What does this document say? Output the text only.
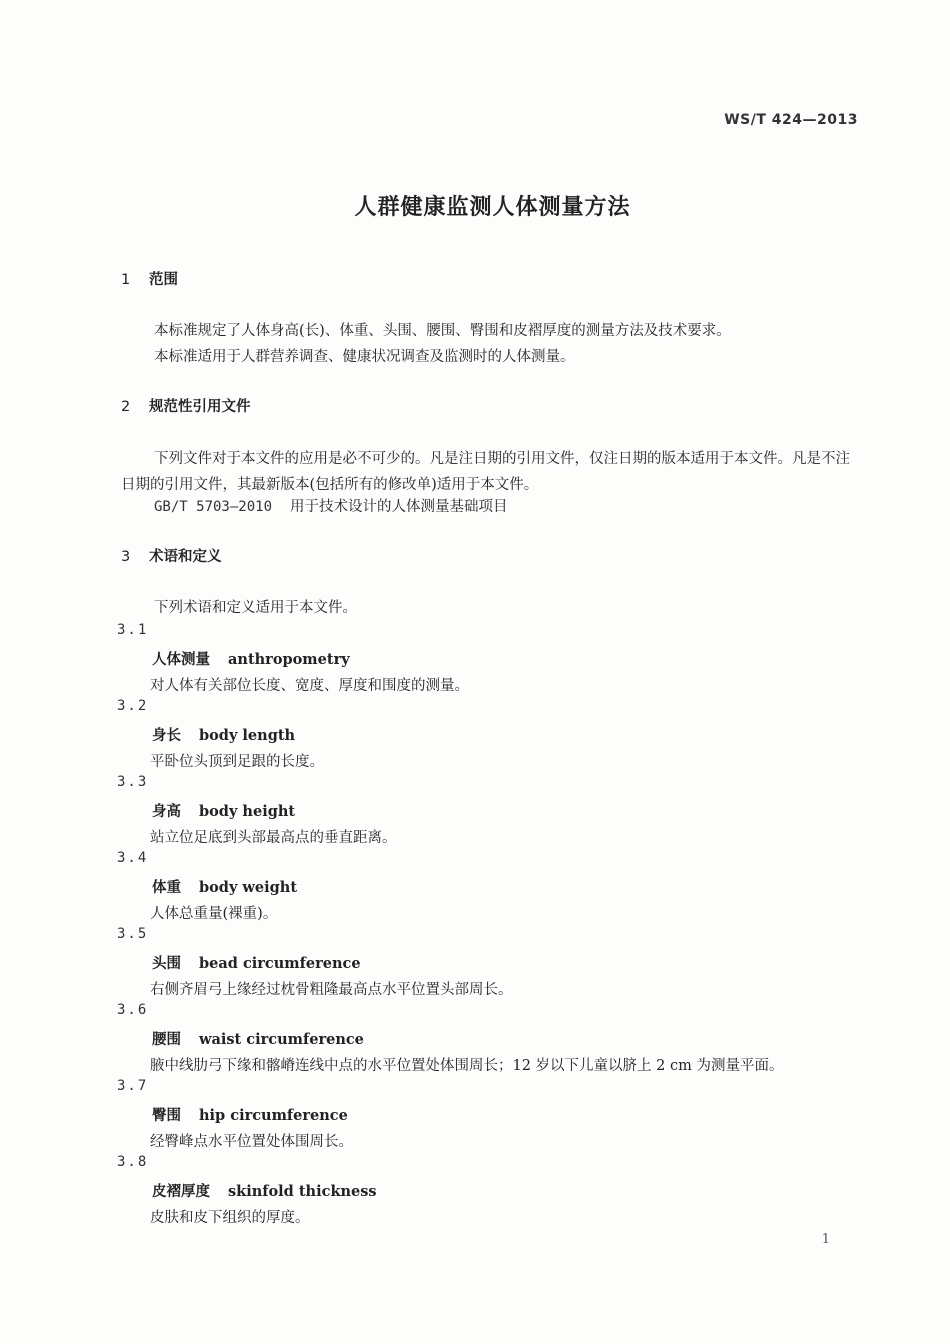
WS/T 424—2013
人群健康监测人体测量方法
1 范围
本标准规定了人体身高(长)、体重、头围、腰围、臀围和皮褶厚度的测量方法及技术要求。
本标准适用于人群营养调查、健康状况调查及监测时的人体测量。
2 规范性引用文件
下列文件对于本文件的应用是必不可少的。凡是注日期的引用文件，仅注日期的版本适用于本文件。凡是不注日期的引用文件，其最新版本(包括所有的修改单)适用于本文件。
GB/T 5703—2010 用于技术设计的人体测量基础项目
3 术语和定义
下列术语和定义适用于本文件。
3.1
人体测量 anthropometry
对人体有关部位长度、宽度、厚度和围度的测量。
3.2
身长 body length
平卧位头顶到足跟的长度。
3.3
身高 body height
站立位足底到头部最高点的垂直距离。
3.4
体重 body weight
人体总重量(裸重)。
3.5
头围 bead circumference
右侧齐眉弓上缘经过枕骨粗隆最高点水平位置头部周长。
3.6
腰围 waist circumference
腋中线肋弓下缘和髂嵴连线中点的水平位置处体围周长；12 岁以下儿童以脐上 2 cm 为测量平面。
3.7
臀围 hip circumference
经臀峰点水平位置处体围周长。
3.8
皮褶厚度 skinfold thickness
皮肤和皮下组织的厚度。
1
